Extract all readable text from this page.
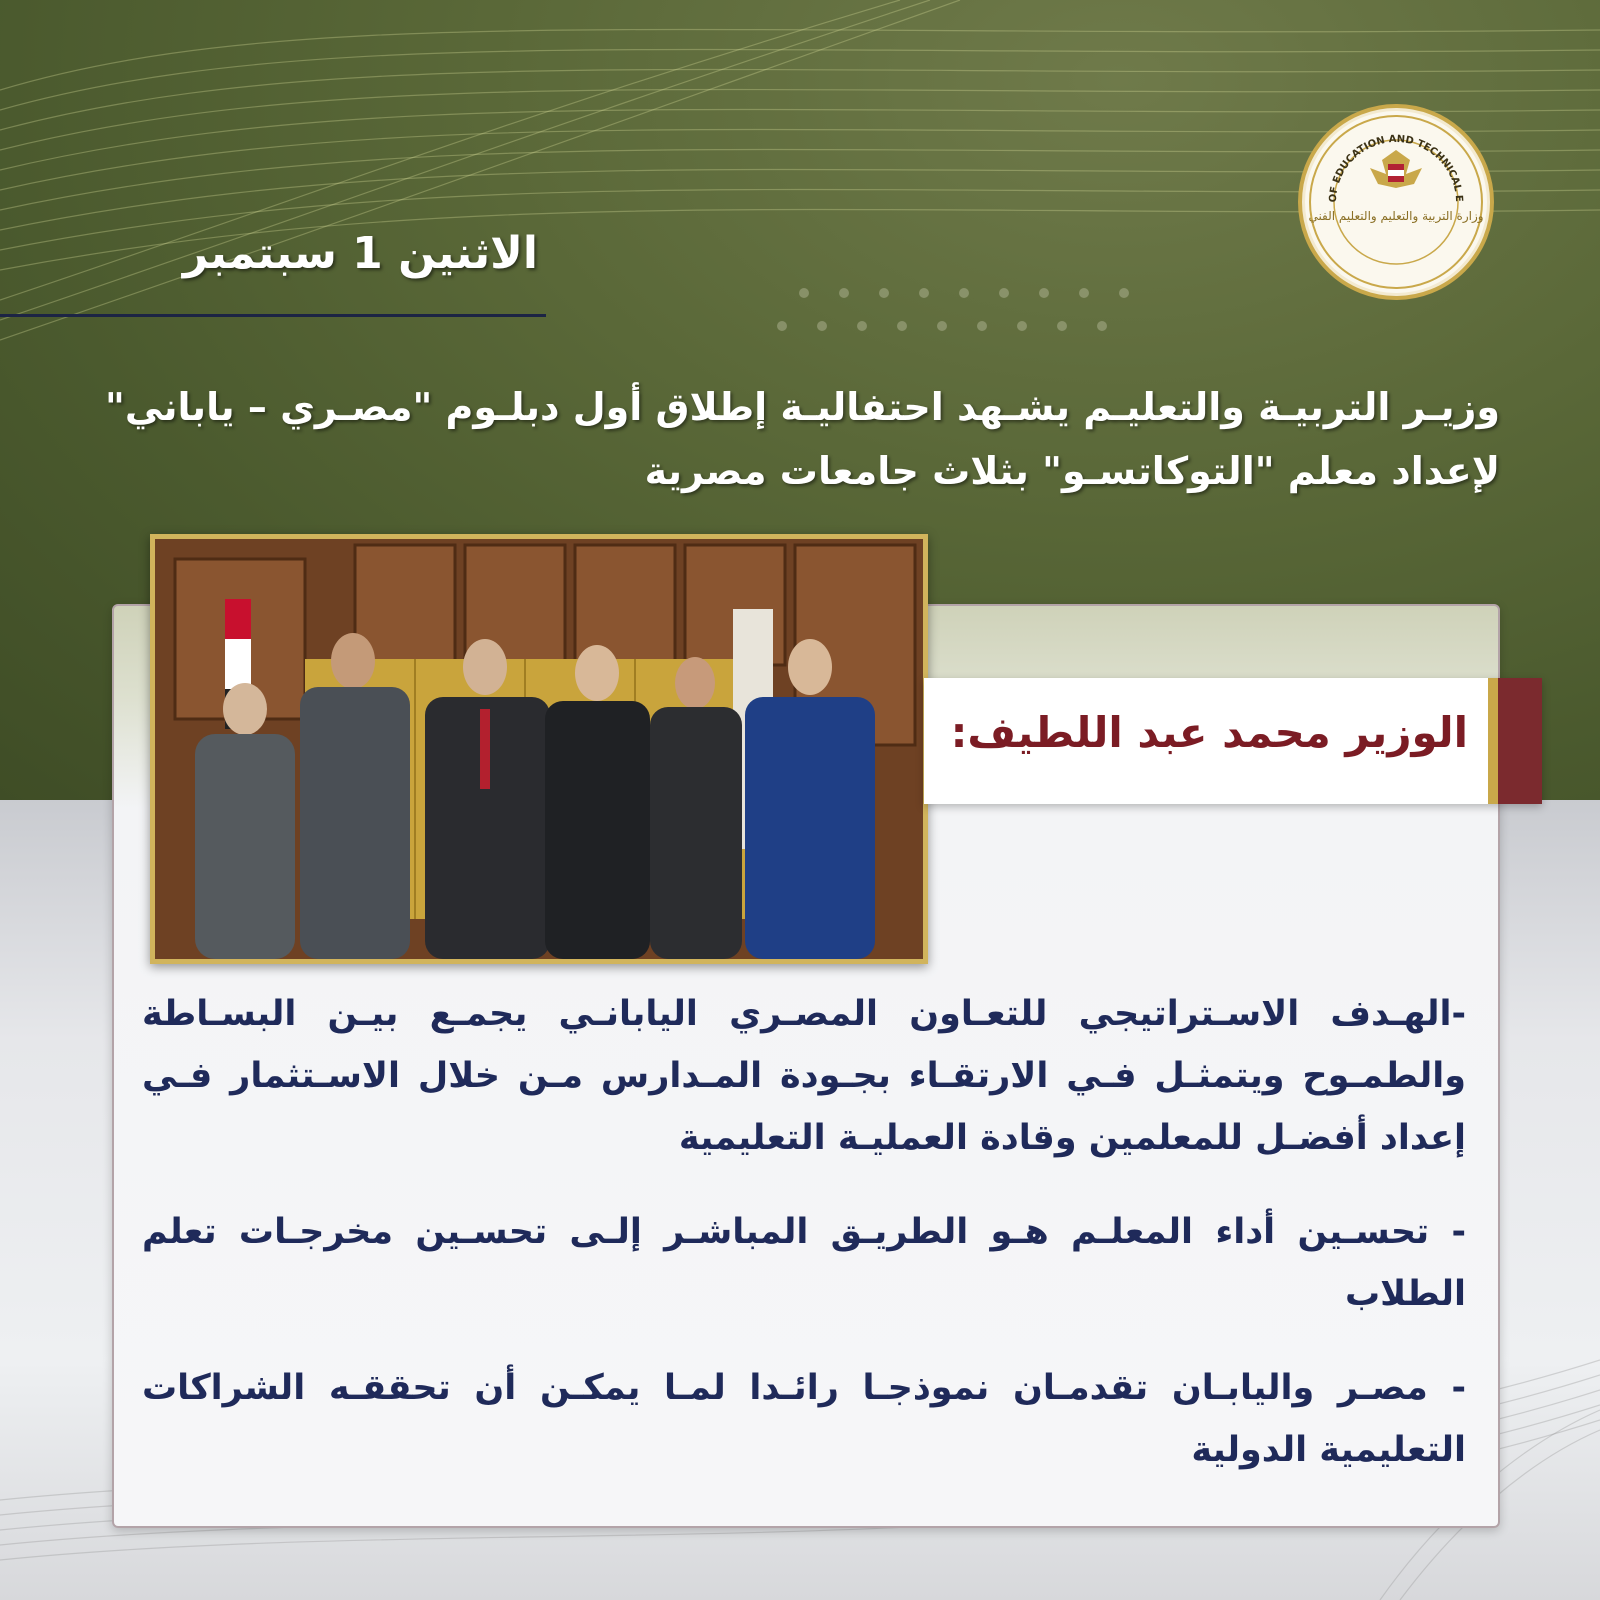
OF EDUCATION AND TECHNICAL E
وزارة التربية والتعليم والتعليم الفني
الاثنين 1 سبتمبر
وزيـر التربيـة والتعليـم يشـهد احتفاليـة إطلاق أول دبلـوم "مصـري – ياباني" لإعداد معلم "التوكاتسـو" بثلاث جامعات مصرية
الوزير محمد عبد اللطيف:

-الهـدف الاسـتراتيجي للتعـاون المصـري اليابانـي يجمـع بيـن البسـاطة والطمـوح ويتمثـل فـي الارتقـاء بجـودة المـدارس مـن خلال الاسـتثمار فـي إعداد أفضـل للمعلمين وقادة العمليـة التعليمية

- تحسـين أداء المعلـم هـو الطريـق المباشـر إلـى تحسـين مخرجـات تعلم الطلاب

- مصـر واليابـان تقدمـان نموذجـا رائـدا لمـا يمكـن أن تحققـه الشراكات التعليمية الدولية
